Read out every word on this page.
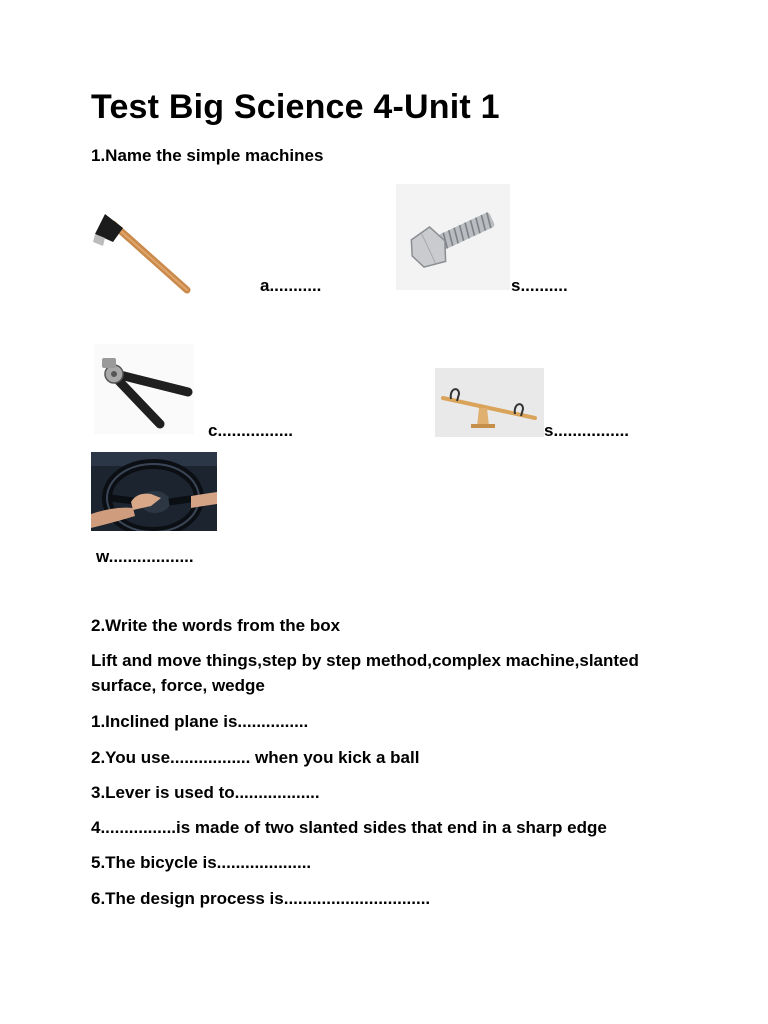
Test Big Science 4-Unit 1
1.Name the simple machines
a...........	s..........
c................	s................
w..................
2.Write the words from the box
Lift and move things,step by step method,complex machine,slanted surface, force, wedge
1.Inclined plane is...............
2.You use................. when you kick a ball
3.Lever is used to..................
4................is made of two slanted sides that end in a sharp edge
5.The bicycle is....................
6.The design process is...............................
